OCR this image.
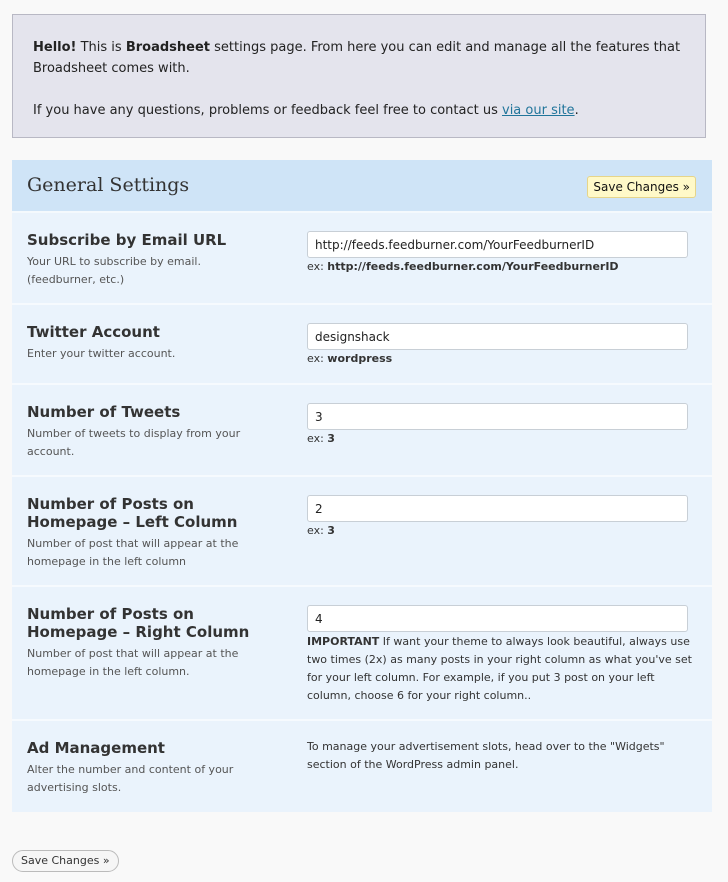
Hello! This is Broadsheet settings page. From here you can edit and manage all the features that Broadsheet comes with.

If you have any questions, problems or feedback feel free to contact us via our site.

General Settings	Save Changes »
Subscribe by Email URL
Your URL to subscribe by email. (feedburner, etc.)
http://feeds.feedburner.com/YourFeedburnerID
ex: http://feeds.feedburner.com/YourFeedburnerID
Twitter Account
Enter your twitter account.
designshack	ex: wordpress
Number of Tweets
Number of tweets to display from your account.
3
ex: 3
Number of Posts on Homepage – Left Column
Number of post that will appear at the homepage in the left column
2
ex: 3
Number of Posts on Homepage – Right Column
Number of post that will appear at the homepage in the left column.
4
IMPORTANT If want your theme to always look beautiful, always use two times (2x) as many posts in your right column as what you've set for your left column. For example, if you put 3 post on your left column, choose 6 for your right column..
Ad Management
Alter the number and content of your advertising slots.
To manage your advertisement slots, head over to the "Widgets" section of the WordPress admin panel.
Save Changes »
